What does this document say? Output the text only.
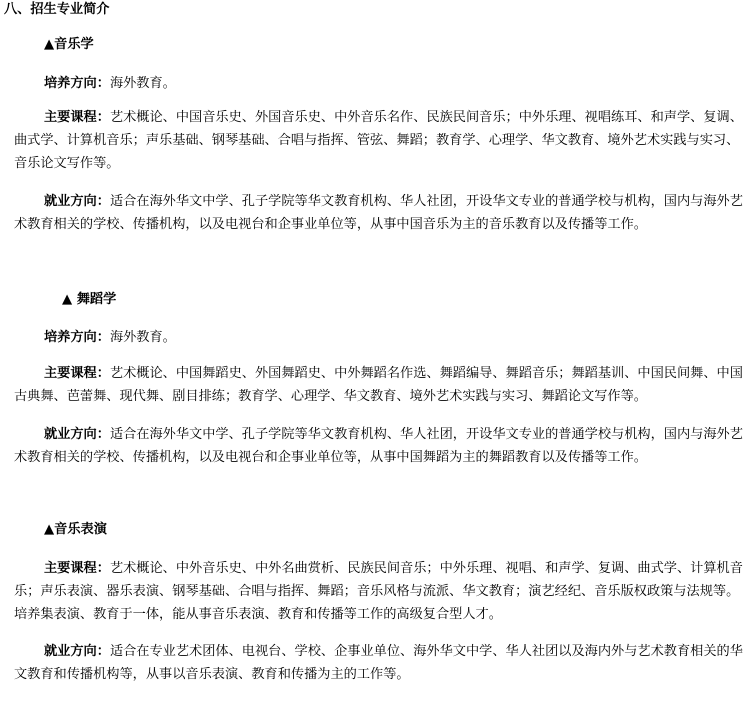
八、招生专业简介
▲音乐学

培养方向：海外教育。

主要课程：艺术概论、中国音乐史、外国音乐史、中外音乐名作、民族民间音乐；中外乐理、视唱练耳、和声学、复调、曲式学、计算机音乐；声乐基础、钢琴基础、合唱与指挥、管弦、舞蹈；教育学、心理学、华文教育、境外艺术实践与实习、音乐论文写作等。

就业方向：适合在海外华文中学、孔子学院等华文教育机构、华人社团，开设华文专业的普通学校与机构，国内与海外艺术教育相关的学校、传播机构，以及电视台和企事业单位等，从事中国音乐为主的音乐教育以及传播等工作。

▲ 舞蹈学

培养方向：海外教育。

主要课程：艺术概论、中国舞蹈史、外国舞蹈史、中外舞蹈名作选、舞蹈编导、舞蹈音乐；舞蹈基训、中国民间舞、中国古典舞、芭蕾舞、现代舞、剧目排练；教育学、心理学、华文教育、境外艺术实践与实习、舞蹈论文写作等。

就业方向：适合在海外华文中学、孔子学院等华文教育机构、华人社团，开设华文专业的普通学校与机构，国内与海外艺术教育相关的学校、传播机构，以及电视台和企事业单位等，从事中国舞蹈为主的舞蹈教育以及传播等工作。

▲音乐表演

主要课程：艺术概论、中外音乐史、中外名曲赏析、民族民间音乐；中外乐理、视唱、和声学、复调、曲式学、计算机音乐；声乐表演、器乐表演、钢琴基础、合唱与指挥、舞蹈；音乐风格与流派、华文教育；演艺经纪、音乐版权政策与法规等。培养集表演、教育于一体，能从事音乐表演、教育和传播等工作的高级复合型人才。

就业方向：适合在专业艺术团体、电视台、学校、企事业单位、海外华文中学、华人社团以及海内外与艺术教育相关的华文教育和传播机构等，从事以音乐表演、教育和传播为主的工作等。
